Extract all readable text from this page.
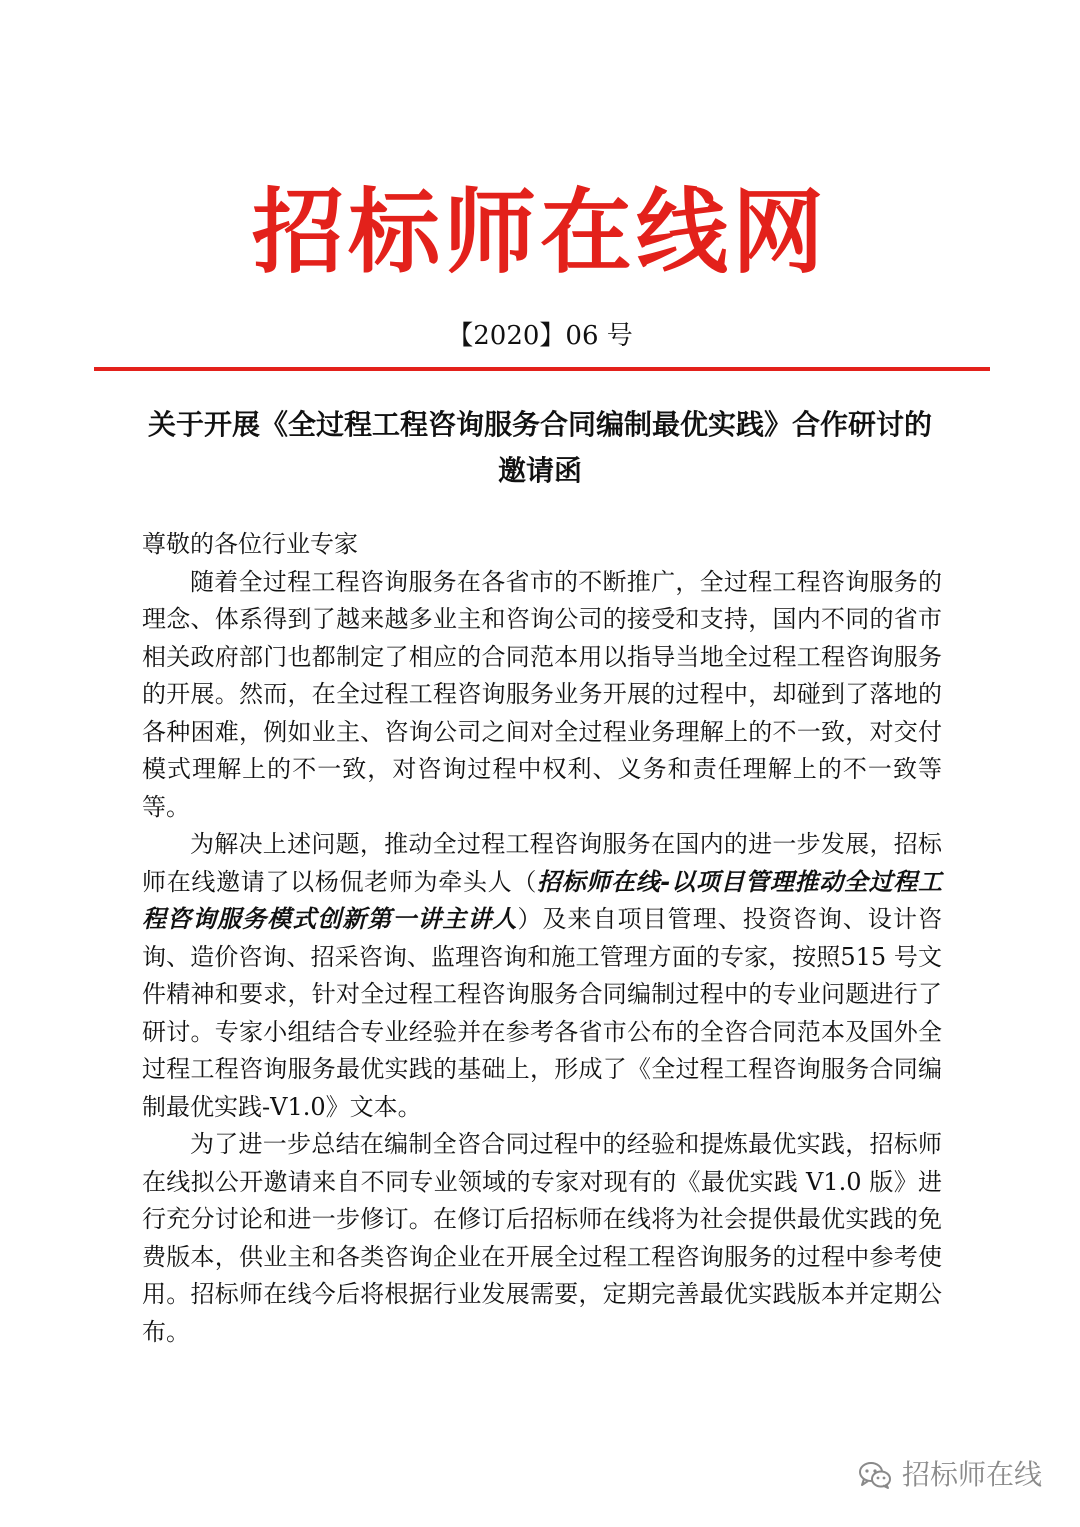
招标师在线网
【2020】06 号
关于开展《全过程工程咨询服务合同编制最优实践》合作研讨的
邀请函

尊敬的各位行业专家

随着全过程工程咨询服务在各省市的不断推广，全过程工程咨询服务的理念、体系得到了越来越多业主和咨询公司的接受和支持，国内不同的省市相关政府部门也都制定了相应的合同范本用以指导当地全过程工程咨询服务的开展。然而，在全过程工程咨询服务业务开展的过程中，却碰到了落地的各种困难，例如业主、咨询公司之间对全过程业务理解上的不一致，对交付模式理解上的不一致，对咨询过程中权利、义务和责任理解上的不一致等等。

为解决上述问题，推动全过程工程咨询服务在国内的进一步发展，招标师在线邀请了以杨侃老师为牵头人（招标师在线-以项目管理推动全过程工程咨询服务模式创新第一讲主讲人）及来自项目管理、投资咨询、设计咨询、造价咨询、招采咨询、监理咨询和施工管理方面的专家，按照515 号文件精神和要求，针对全过程工程咨询服务合同编制过程中的专业问题进行了研讨。专家小组结合专业经验并在参考各省市公布的全咨合同范本及国外全过程工程咨询服务最优实践的基础上，形成了《全过程工程咨询服务合同编制最优实践-V1.0》文本。

为了进一步总结在编制全咨合同过程中的经验和提炼最优实践，招标师在线拟公开邀请来自不同专业领域的专家对现有的《最优实践 V1.0 版》进行充分讨论和进一步修订。在修订后招标师在线将为社会提供最优实践的免费版本，供业主和各类咨询企业在开展全过程工程咨询服务的过程中参考使用。招标师在线今后将根据行业发展需要，定期完善最优实践版本并定期公布。

招标师在线
